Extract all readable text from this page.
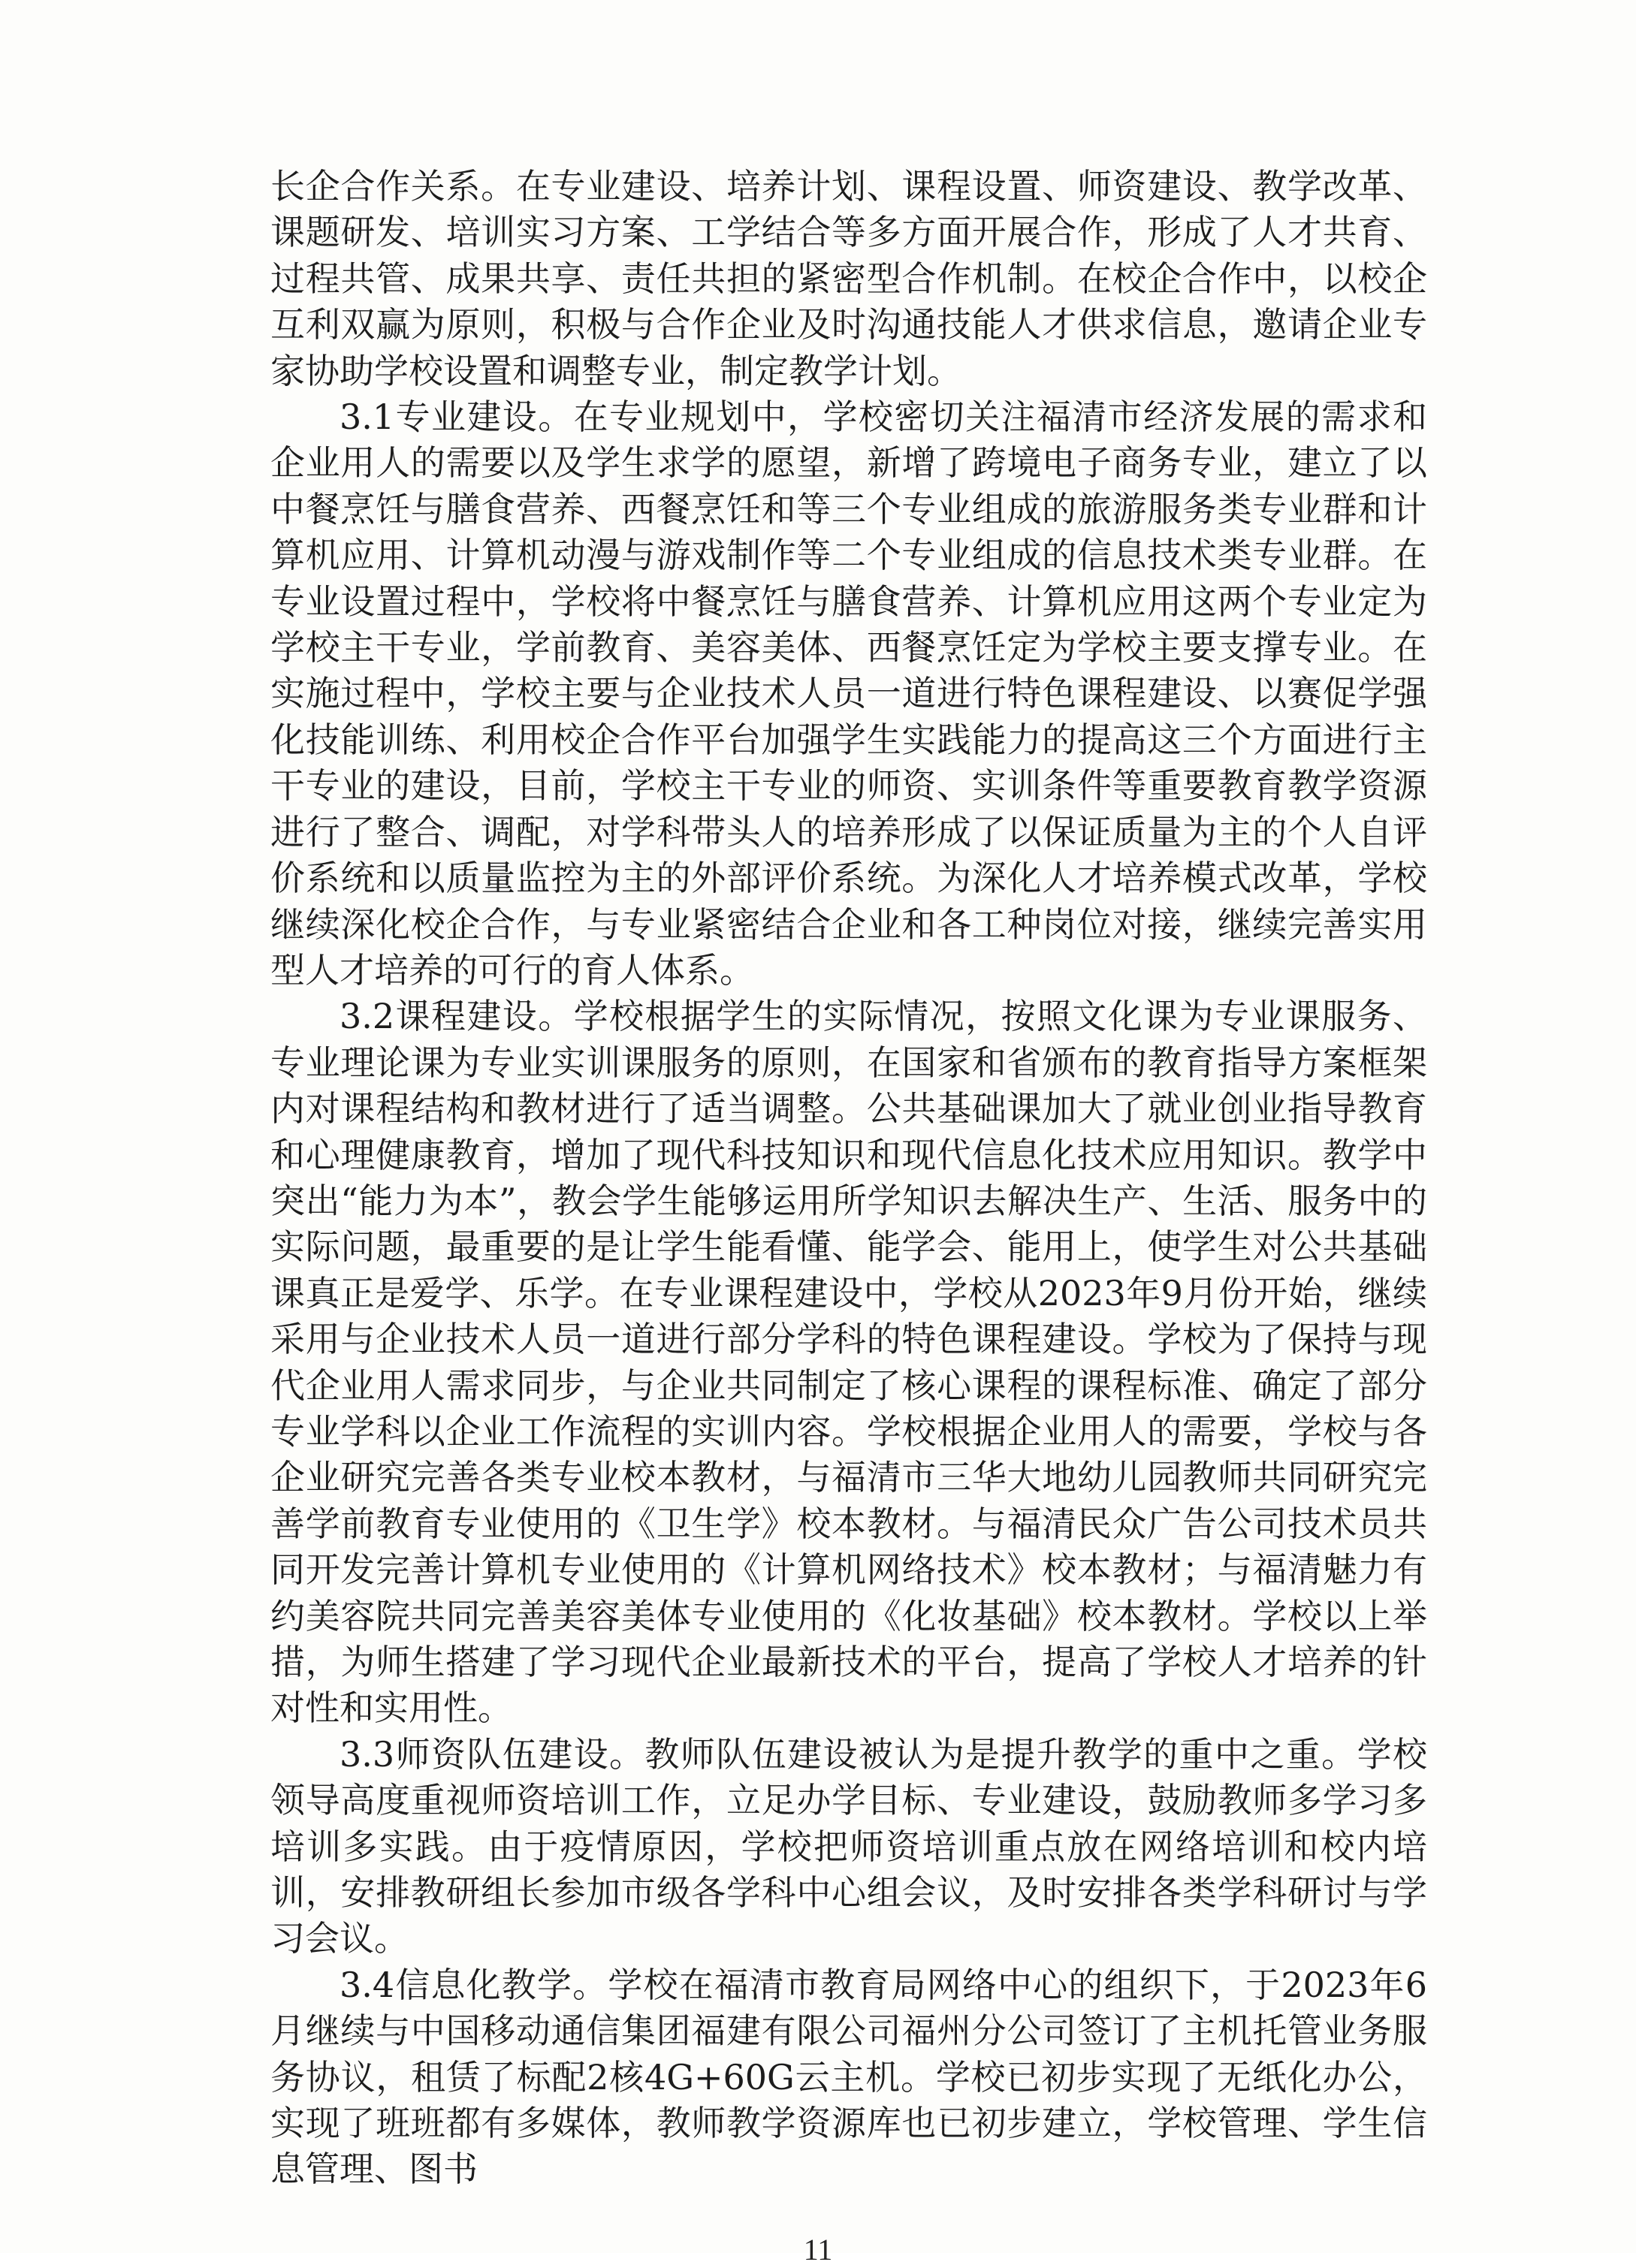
长企合作关系。在专业建设、培养计划、课程设置、师资建设、教学改革、课题研发、培训实习方案、工学结合等多方面开展合作，形成了人才共育、过程共管、成果共享、责任共担的紧密型合作机制。在校企合作中，以校企互利双赢为原则，积极与合作企业及时沟通技能人才供求信息，邀请企业专家协助学校设置和调整专业，制定教学计划。

3.1专业建设。在专业规划中，学校密切关注福清市经济发展的需求和企业用人的需要以及学生求学的愿望，新增了跨境电子商务专业，建立了以中餐烹饪与膳食营养、西餐烹饪和等三个专业组成的旅游服务类专业群和计算机应用、计算机动漫与游戏制作等二个专业组成的信息技术类专业群。在专业设置过程中，学校将中餐烹饪与膳食营养、计算机应用这两个专业定为学校主干专业，学前教育、美容美体、西餐烹饪定为学校主要支撑专业。在实施过程中，学校主要与企业技术人员一道进行特色课程建设、以赛促学强化技能训练、利用校企合作平台加强学生实践能力的提高这三个方面进行主干专业的建设，目前，学校主干专业的师资、实训条件等重要教育教学资源进行了整合、调配，对学科带头人的培养形成了以保证质量为主的个人自评价系统和以质量监控为主的外部评价系统。为深化人才培养模式改革，学校继续深化校企合作，与专业紧密结合企业和各工种岗位对接，继续完善实用型人才培养的可行的育人体系。

3.2课程建设。学校根据学生的实际情况，按照文化课为专业课服务、专业理论课为专业实训课服务的原则，在国家和省颁布的教育指导方案框架内对课程结构和教材进行了适当调整。公共基础课加大了就业创业指导教育和心理健康教育，增加了现代科技知识和现代信息化技术应用知识。教学中突出“能力为本”，教会学生能够运用所学知识去解决生产、生活、服务中的实际问题，最重要的是让学生能看懂、能学会、能用上，使学生对公共基础课真正是爱学、乐学。在专业课程建设中，学校从2023年9月份开始，继续采用与企业技术人员一道进行部分学科的特色课程建设。学校为了保持与现代企业用人需求同步，与企业共同制定了核心课程的课程标准、确定了部分专业学科以企业工作流程的实训内容。学校根据企业用人的需要，学校与各企业研究完善各类专业校本教材，与福清市三华大地幼儿园教师共同研究完善学前教育专业使用的《卫生学》校本教材。与福清民众广告公司技术员共同开发完善计算机专业使用的《计算机网络技术》校本教材；与福清魅力有约美容院共同完善美容美体专业使用的《化妆基础》校本教材。学校以上举措，为师生搭建了学习现代企业最新技术的平台，提高了学校人才培养的针对性和实用性。

3.3师资队伍建设。教师队伍建设被认为是提升教学的重中之重。学校领导高度重视师资培训工作，立足办学目标、专业建设，鼓励教师多学习多培训多实践。由于疫情原因，学校把师资培训重点放在网络培训和校内培训，安排教研组长参加市级各学科中心组会议，及时安排各类学科研讨与学习会议。

3.4信息化教学。学校在福清市教育局网络中心的组织下，于2023年6月继续与中国移动通信集团福建有限公司福州分公司签订了主机托管业务服务协议，租赁了标配2核4G+60G云主机。学校已初步实现了无纸化办公，实现了班班都有多媒体，教师教学资源库也已初步建立，学校管理、学生信息管理、图书

11
